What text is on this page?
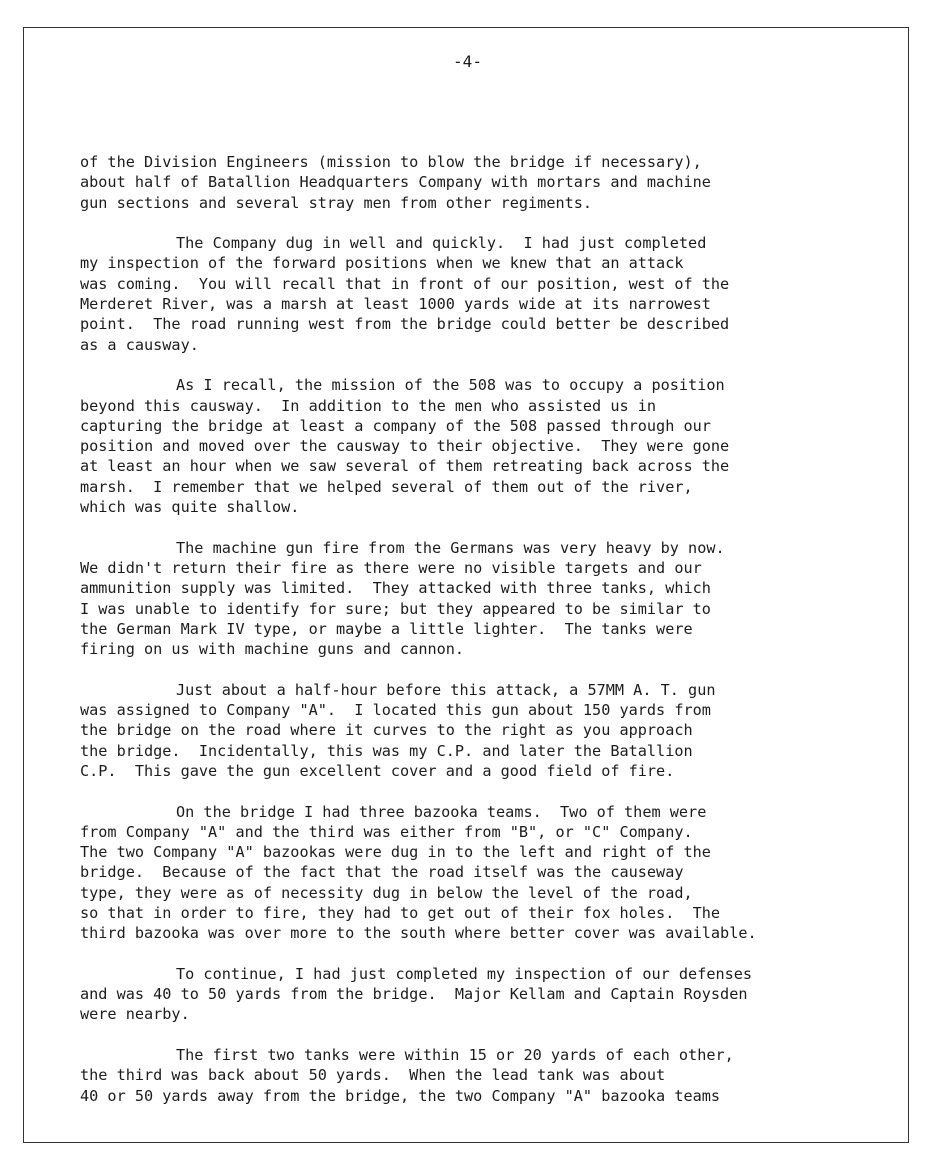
-4-

of the Division Engineers (mission to blow the bridge if necessary),
about half of Batallion Headquarters Company with mortars and machine
gun sections and several stray men from other regiments.

The Company dug in well and quickly.  I had just completed
my inspection of the forward positions when we knew that an attack
was coming.  You will recall that in front of our position, west of the
Merderet River, was a marsh at least 1000 yards wide at its narrowest
point.  The road running west from the bridge could better be described
as a causway.

As I recall, the mission of the 508 was to occupy a position
beyond this causway.  In addition to the men who assisted us in
capturing the bridge at least a company of the 508 passed through our
position and moved over the causway to their objective.  They were gone
at least an hour when we saw several of them retreating back across the
marsh.  I remember that we helped several of them out of the river,
which was quite shallow.

The machine gun fire from the Germans was very heavy by now.
We didn't return their fire as there were no visible targets and our
ammunition supply was limited.  They attacked with three tanks, which
I was unable to identify for sure; but they appeared to be similar to
the German Mark IV type, or maybe a little lighter.  The tanks were
firing on us with machine guns and cannon.

Just about a half-hour before this attack, a 57MM A. T. gun
was assigned to Company "A".  I located this gun about 150 yards from
the bridge on the road where it curves to the right as you approach
the bridge.  Incidentally, this was my C.P. and later the Batallion
C.P.  This gave the gun excellent cover and a good field of fire.

On the bridge I had three bazooka teams.  Two of them were
from Company "A" and the third was either from "B", or "C" Company.
The two Company "A" bazookas were dug in to the left and right of the
bridge.  Because of the fact that the road itself was the causeway
type, they were as of necessity dug in below the level of the road,
so that in order to fire, they had to get out of their fox holes.  The
third bazooka was over more to the south where better cover was available.

To continue, I had just completed my inspection of our defenses
and was 40 to 50 yards from the bridge.  Major Kellam and Captain Roysden
were nearby.

The first two tanks were within 15 or 20 yards of each other,
the third was back about 50 yards.  When the lead tank was about
40 or 50 yards away from the bridge, the two Company "A" bazooka teams
